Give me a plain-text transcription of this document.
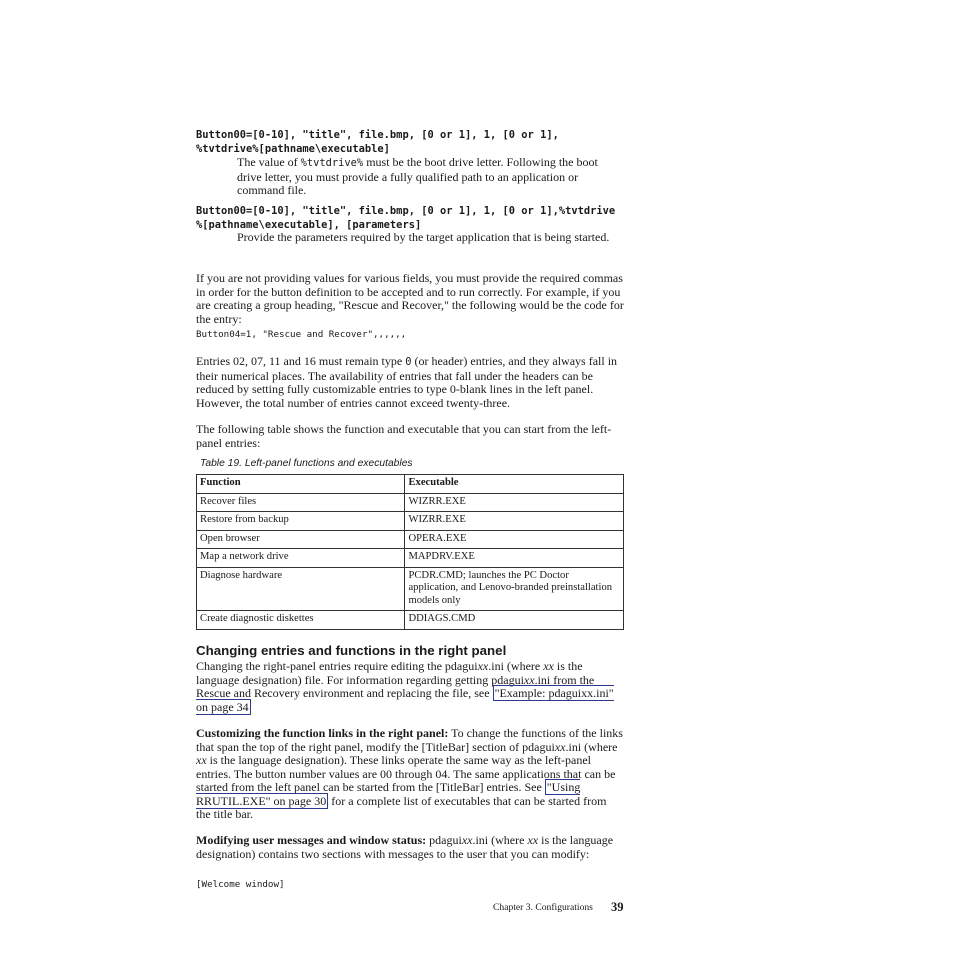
Button00=[0-10], "title", file.bmp, [0 or 1], 1, [0 or 1],
%tvtdrive%[pathname\executable]
The value of %tvtdrive% must be the boot drive letter. Following the boot drive letter, you must provide a fully qualified path to an application or command file.
Button00=[0-10], "title", file.bmp, [0 or 1], 1, [0 or 1],%tvtdrive
%[pathname\executable], [parameters]
Provide the parameters required by the target application that is being started.
If you are not providing values for various fields, you must provide the required commas in order for the button definition to be accepted and to run correctly. For example, if you are creating a group heading, "Rescue and Recover," the following would be the code for the entry:
Button04=1, "Rescue and Recover",,,,,,
Entries 02, 07, 11 and 16 must remain type 0 (or header) entries, and they always fall in their numerical places. The availability of entries that fall under the headers can be reduced by setting fully customizable entries to type 0-blank lines in the left panel. However, the total number of entries cannot exceed twenty-three.
The following table shows the function and executable that you can start from the left-panel entries:
Table 19. Left-panel functions and executables
Function	Executable
Recover files	WIZRR.EXE
Restore from backup	WIZRR.EXE
Open browser	OPERA.EXE
Map a network drive	MAPDRV.EXE
Diagnose hardware	PCDR.CMD; launches the PC Doctor application, and Lenovo-branded preinstallation models only
Create diagnostic diskettes	DDIAGS.CMD
Changing entries and functions in the right panel
Changing the right-panel entries require editing the pdaguixx.ini (where xx is the language designation) file. For information regarding getting pdaguixx.ini from the Rescue and Recovery environment and replacing the file, see "Example: pdaguixx.ini" on page 34
Customizing the function links in the right panel: To change the functions of the links that span the top of the right panel, modify the [TitleBar] section of pdaguixx.ini (where xx is the language designation). These links operate the same way as the left-panel entries. The button number values are 00 through 04. The same applications that can be started from the left panel can be started from the [TitleBar] entries. See "Using RRUTIL.EXE" on page 30 for a complete list of executables that can be started from the title bar.
Modifying user messages and window status: pdaguixx.ini (where xx is the language designation) contains two sections with messages to the user that you can modify:
[Welcome window]
Chapter 3. Configurations 39
